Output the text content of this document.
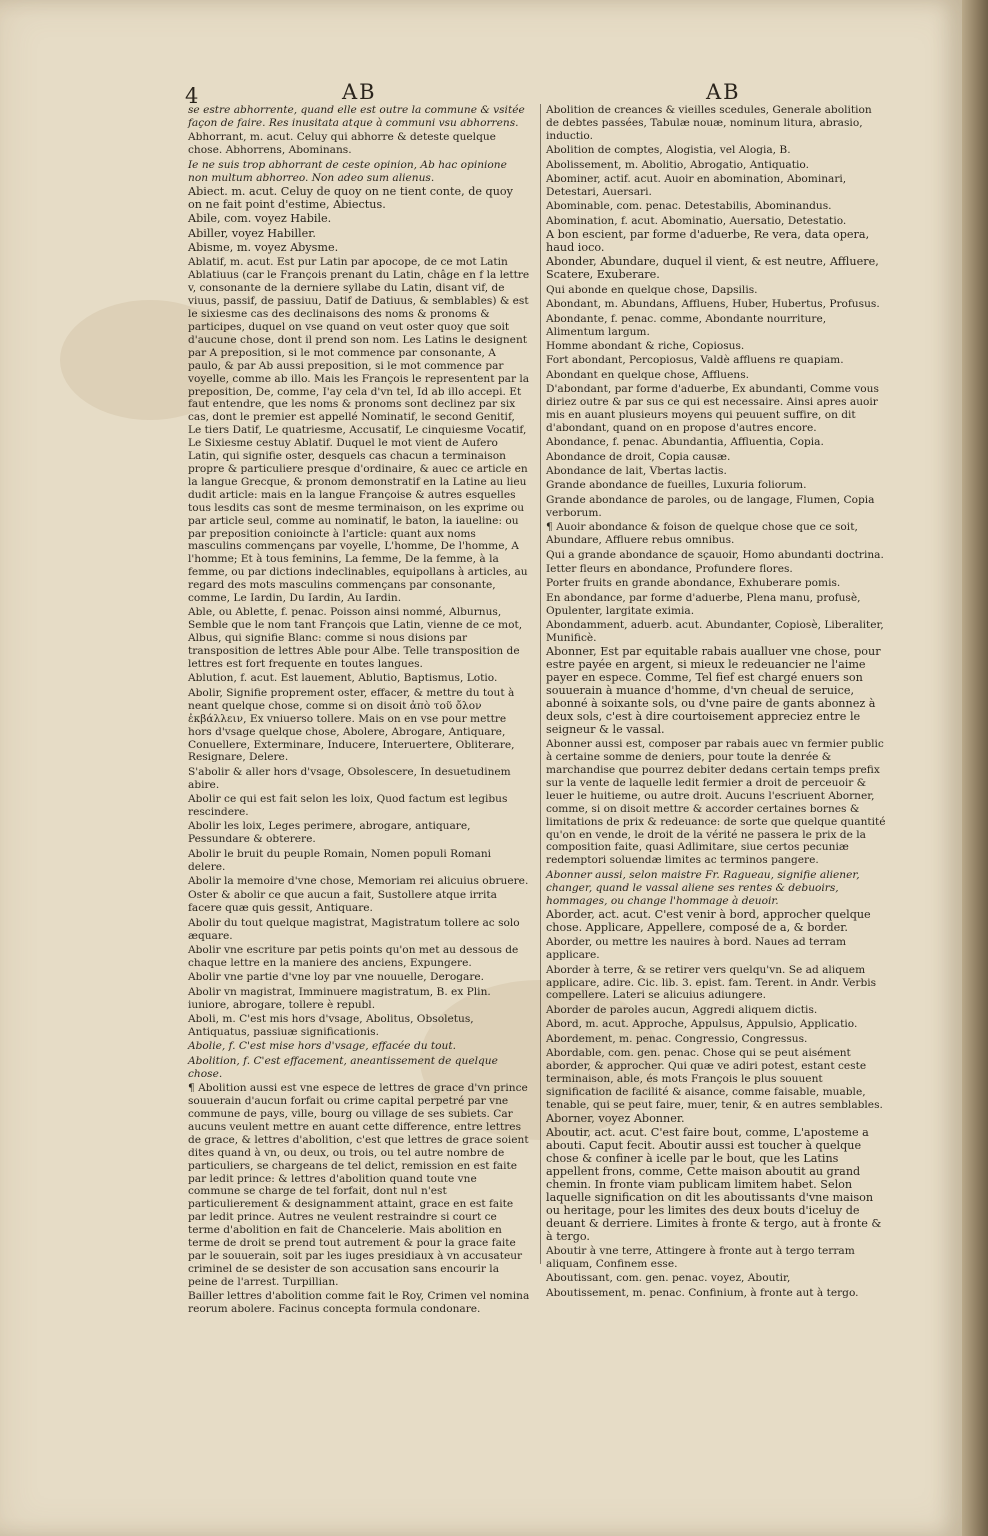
4	AB	AB

se estre abhorrente, quand elle est outre la commune & vsitée façon de faire. Res inusitata atque à communi vsu abhorrens.

Abhorrant, m. acut. Celuy qui abhorre & deteste quelque chose. Abhorrens, Abominans.

Ie ne suis trop abhorrant de ceste opinion, Ab hac opinione non multum abhorreo. Non adeo sum alienus.

Abiect. m. acut. Celuy de quoy on ne tient conte, de quoy on ne fait point d'estime, Abiectus.

Abile, com. voyez Habile.

Abiller, voyez Habiller.

Abisme, m. voyez Abysme.

Ablatif, m. acut. Est pur Latin par apocope, de ce mot Latin Ablatiuus (car le François prenant du Latin, châge en f la lettre v, consonante de la derniere syllabe du Latin, disant vif, de viuus, passif, de passiuu, Datif de Datiuus, & semblables) & est le sixiesme cas des declinaisons des noms & pronoms & participes, duquel on vse quand on veut oster quoy que soit d'aucune chose, dont il prend son nom. Les Latins le designent par A preposition, si le mot commence par consonante, A paulo, & par Ab aussi preposition, si le mot commence par voyelle, comme ab illo. Mais les François le representent par la preposition, De, comme, I'ay cela d'vn tel, Id ab illo accepi. Et faut entendre, que les noms & pronoms sont declinez par six cas, dont le premier est appellé Nominatif, le second Genitif, Le tiers Datif, Le quatriesme, Accusatif, Le cinquiesme Vocatif, Le Sixiesme cestuy Ablatif. Duquel le mot vient de Aufero Latin, qui signifie oster, desquels cas chacun a terminaison propre & particuliere presque d'ordinaire, & auec ce article en la langue Grecque, & pronom demonstratif en la Latine au lieu dudit article: mais en la langue Françoise & autres esquelles tous lesdits cas sont de mesme terminaison, on les exprime ou par article seul, comme au nominatif, le baton, la iaueline: ou par preposition conioincte à l'article: quant aux noms masculins commençans par voyelle, L'homme, De l'homme, A l'homme; Et à tous feminins, La femme, De la femme, à la femme, ou par dictions indeclinables, equipollans à articles, au regard des mots masculins commençans par consonante, comme, Le Iardin, Du Iardin, Au Iardin.

Able, ou Ablette, f. penac. Poisson ainsi nommé, Alburnus, Semble que le nom tant François que Latin, vienne de ce mot, Albus, qui signifie Blanc: comme si nous disions par transposition de lettres Able pour Albe. Telle transposition de lettres est fort frequente en toutes langues.

Ablution, f. acut. Est lauement, Ablutio, Baptismus, Lotio.

Abolir, Signifie proprement oster, effacer, & mettre du tout à neant quelque chose, comme si on disoit ἀπὸ τοῦ ὄλον ἐκβάλλειν, Ex vniuerso tollere. Mais on en vse pour mettre hors d'vsage quelque chose, Abolere, Abrogare, Antiquare, Conuellere, Exterminare, Inducere, Interuertere, Obliterare, Resignare, Delere.

S'abolir & aller hors d'vsage, Obsolescere, In desuetudinem abire.

Abolir ce qui est fait selon les loix, Quod factum est legibus rescindere.

Abolir les loix, Leges perimere, abrogare, antiquare, Pessundare & obterere.

Abolir le bruit du peuple Romain, Nomen populi Romani delere.

Abolir la memoire d'vne chose, Memoriam rei alicuius obruere.

Oster & abolir ce que aucun a fait, Sustollere atque irrita facere quæ quis gessit, Antiquare.

Abolir du tout quelque magistrat, Magistratum tollere ac solo æquare.

Abolir vne escriture par petis points qu'on met au dessous de chaque lettre en la maniere des anciens, Expungere.

Abolir vne partie d'vne loy par vne nouuelle, Derogare.

Abolir vn magistrat, Imminuere magistratum, B. ex Plin. iuniore, abrogare, tollere è republ.

Aboli, m. C'est mis hors d'vsage, Abolitus, Obsoletus, Antiquatus, passiuæ significationis.

Abolie, f. C'est mise hors d'vsage, effacée du tout.

Abolition, f. C'est effacement, aneantissement de quelque chose.

¶ Abolition aussi est vne espece de lettres de grace d'vn prince souuerain d'aucun forfait ou crime capital perpetré par vne commune de pays, ville, bourg ou village de ses subiets. Car aucuns veulent mettre en auant cette difference, entre lettres de grace, & lettres d'abolition, c'est que lettres de grace soient dites quand à vn, ou deux, ou trois, ou tel autre nombre de particuliers, se chargeans de tel delict, remission en est faite par ledit prince: & lettres d'abolition quand toute vne commune se charge de tel forfait, dont nul n'est particulierement & designamment attaint, grace en est faite par ledit prince. Autres ne veulent restraindre si court ce terme d'abolition en fait de Chancelerie. Mais abolition en terme de droit se prend tout autrement & pour la grace faite par le souuerain, soit par les iuges presidiaux à vn accusateur criminel de se desister de son accusation sans encourir la peine de l'arrest. Turpillian.

Bailler lettres d'abolition comme fait le Roy, Crimen vel nomina reorum abolere. Facinus concepta formula condonare.

Abolition de creances & vieilles scedules, Generale abolition de debtes passées, Tabulæ nouæ, nominum litura, abrasio, inductio.

Abolition de comptes, Alogistia, vel Alogia, B.

Abolissement, m. Abolitio, Abrogatio, Antiquatio.

Abominer, actif. acut. Auoir en abomination, Abominari, Detestari, Auersari.

Abominable, com. penac. Detestabilis, Abominandus.

Abomination, f. acut. Abominatio, Auersatio, Detestatio.

A bon escient, par forme d'aduerbe, Re vera, data opera, haud ioco.

Abonder, Abundare, duquel il vient, & est neutre, Affluere, Scatere, Exuberare.

Qui abonde en quelque chose, Dapsilis.

Abondant, m. Abundans, Affluens, Huber, Hubertus, Profusus.

Abondante, f. penac. comme, Abondante nourriture, Alimentum largum.

Homme abondant & riche, Copiosus.

Fort abondant, Percopiosus, Valdè affluens re quapiam.

Abondant en quelque chose, Affluens.

D'abondant, par forme d'aduerbe, Ex abundanti, Comme vous diriez outre & par sus ce qui est necessaire. Ainsi apres auoir mis en auant plusieurs moyens qui peuuent suffire, on dit d'abondant, quand on en propose d'autres encore.

Abondance, f. penac. Abundantia, Affluentia, Copia.

Abondance de droit, Copia causæ.

Abondance de lait, Vbertas lactis.

Grande abondance de fueilles, Luxuria foliorum.

Grande abondance de paroles, ou de langage, Flumen, Copia verborum.

¶ Auoir abondance & foison de quelque chose que ce soit, Abundare, Affluere rebus omnibus.

Qui a grande abondance de sçauoir, Homo abundanti doctrina.

Ietter fleurs en abondance, Profundere flores.

Porter fruits en grande abondance, Exhuberare pomis.

En abondance, par forme d'aduerbe, Plena manu, profusè, Opulenter, largitate eximia.

Abondamment, aduerb. acut. Abundanter, Copiosè, Liberaliter, Munificè.

Abonner, Est par equitable rabais aualluer vne chose, pour estre payée en argent, si mieux le redeuancier ne l'aime payer en espece. Comme, Tel fief est chargé enuers son souuerain à muance d'homme, d'vn cheual de seruice, abonné à soixante sols, ou d'vne paire de gants abonnez à deux sols, c'est à dire courtoisement appreciez entre le seigneur & le vassal.

Abonner aussi est, composer par rabais auec vn fermier public à certaine somme de deniers, pour toute la denrée & marchandise que pourrez debiter dedans certain temps prefix sur la vente de laquelle ledit fermier a droit de perceuoir & leuer le huitieme, ou autre droit. Aucuns l'escriuent Aborner, comme, si on disoit mettre & accorder certaines bornes & limitations de prix & redeuance: de sorte que quelque quantité qu'on en vende, le droit de la vérité ne passera le prix de la composition faite, quasi Adlimitare, siue certos pecuniæ redemptori soluendæ limites ac terminos pangere.

Abonner aussi, selon maistre Fr. Ragueau, signifie aliener, changer, quand le vassal aliene ses rentes & debuoirs, hommages, ou change l'hommage à deuoir.

Aborder, act. acut. C'est venir à bord, approcher quelque chose. Applicare, Appellere, composé de a, & border.

Aborder, ou mettre les nauires à bord. Naues ad terram applicare.

Aborder à terre, & se retirer vers quelqu'vn. Se ad aliquem applicare, adire. Cic. lib. 3. epist. fam. Terent. in Andr. Verbis compellere. Lateri se alicuius adiungere.

Aborder de paroles aucun, Aggredi aliquem dictis.

Abord, m. acut. Approche, Appulsus, Appulsio, Applicatio.

Abordement, m. penac. Congressio, Congressus.

Abordable, com. gen. penac. Chose qui se peut aisément aborder, & approcher. Qui quæ ve adiri potest, estant ceste terminaison, able, és mots François le plus souuent signification de facilité & aisance, comme faisable, muable, tenable, qui se peut faire, muer, tenir, & en autres semblables.

Aborner, voyez Abonner.

Aboutir, act. acut. C'est faire bout, comme, L'aposteme a abouti. Caput fecit. Aboutir aussi est toucher à quelque chose & confiner à icelle par le bout, que les Latins appellent frons, comme, Cette maison aboutit au grand chemin. In fronte viam publicam limitem habet. Selon laquelle signification on dit les aboutissants d'vne maison ou heritage, pour les limites des deux bouts d'iceluy de deuant & derriere. Limites à fronte & tergo, aut à fronte & à tergo.

Aboutir à vne terre, Attingere à fronte aut à tergo terram aliquam, Confinem esse.

Aboutissant, com. gen. penac. voyez, Aboutir,

Aboutissement, m. penac. Confinium, à fronte aut à tergo.
